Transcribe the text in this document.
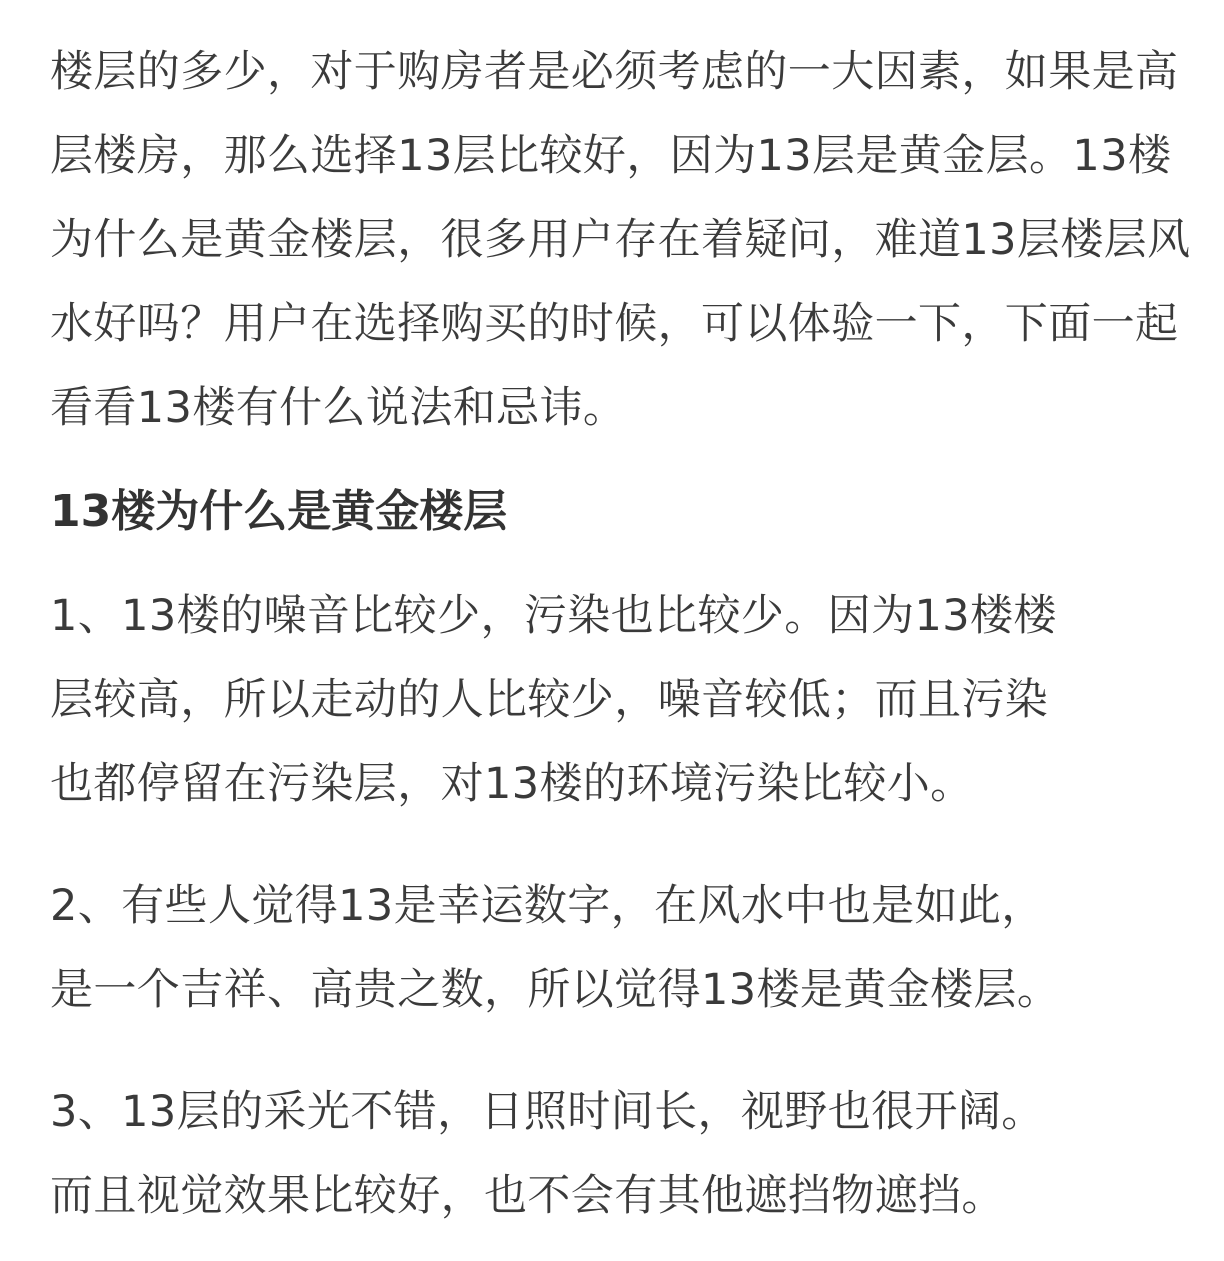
楼层的多少，对于购房者是必须考虑的一大因素，如果是高
层楼房，那么选择13层比较好，因为13层是黄金层。13楼
为什么是黄金楼层，很多用户存在着疑问，难道13层楼层风
水好吗？用户在选择购买的时候，可以体验一下，下面一起
看看13楼有什么说法和忌讳。

13楼为什么是黄金楼层

1、13楼的噪音比较少，污染也比较少。因为13楼楼
层较高，所以走动的人比较少，噪音较低；而且污染
也都停留在污染层，对13楼的环境污染比较小。

2、有些人觉得13是幸运数字，在风水中也是如此，
是一个吉祥、高贵之数，所以觉得13楼是黄金楼层。

3、13层的采光不错，日照时间长，视野也很开阔。
而且视觉效果比较好，也不会有其他遮挡物遮挡。
